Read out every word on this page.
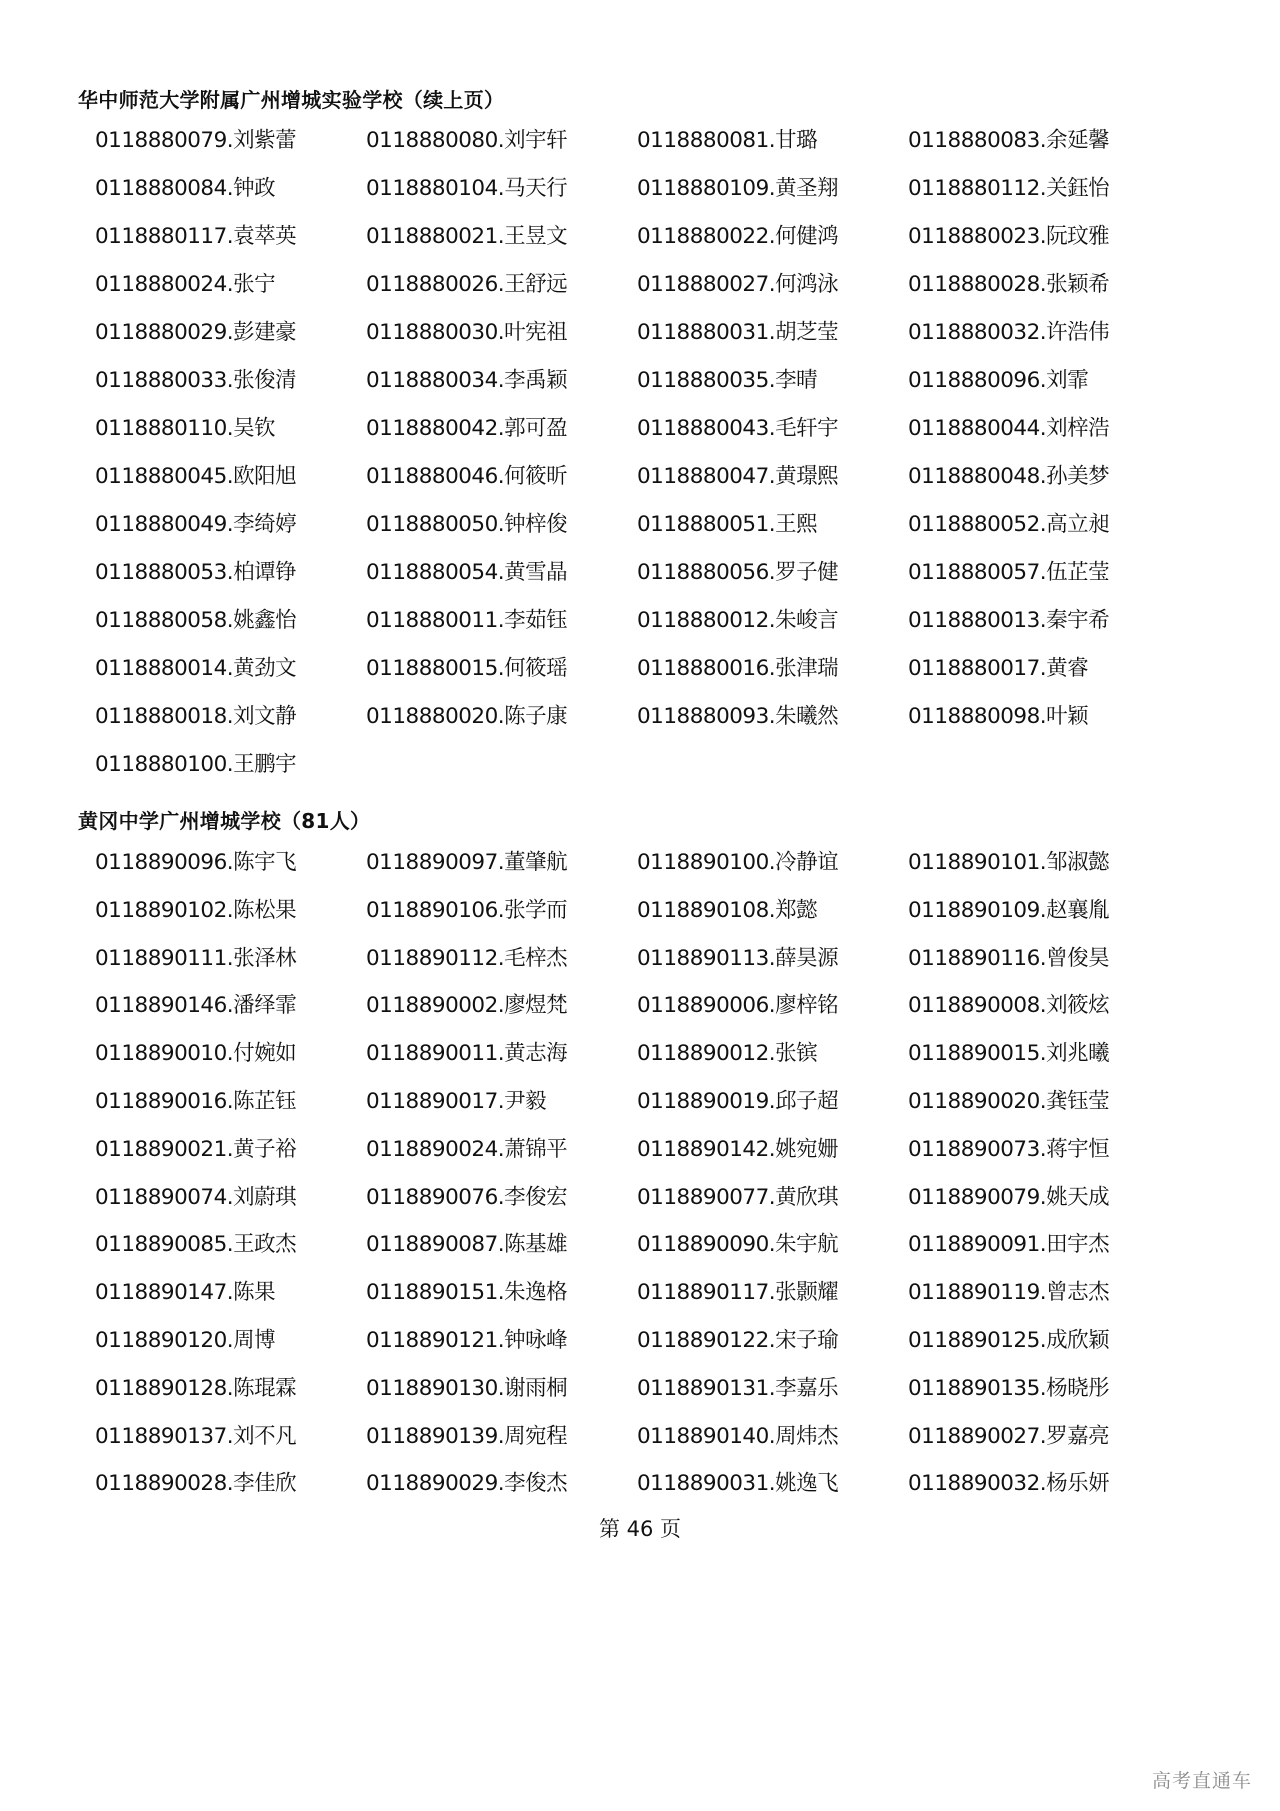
华中师范大学附属广州增城实验学校（续上页）
0118880079.刘紫蕾	0118880080.刘宇轩	0118880081.甘璐	0118880083.余延馨
0118880084.钟政	0118880104.马天行	0118880109.黄圣翔	0118880112.关鈺怡
0118880117.袁萃英	0118880021.王昱文	0118880022.何健鸿	0118880023.阮玟雅
0118880024.张宁	0118880026.王舒远	0118880027.何鸿泳	0118880028.张颖希
0118880029.彭建豪	0118880030.叶宪祖	0118880031.胡芝莹	0118880032.许浩伟
0118880033.张俊清	0118880034.李禹颖	0118880035.李晴	0118880096.刘霏
0118880110.吴钦	0118880042.郭可盈	0118880043.毛轩宇	0118880044.刘梓浩
0118880045.欧阳旭	0118880046.何筱昕	0118880047.黄璟熙	0118880048.孙美梦
0118880049.李绮婷	0118880050.钟梓俊	0118880051.王熙	0118880052.高立昶
0118880053.柏谭铮	0118880054.黄雪晶	0118880056.罗子健	0118880057.伍芷莹
0118880058.姚鑫怡	0118880011.李茹钰	0118880012.朱峻言	0118880013.秦宇希
0118880014.黄劲文	0118880015.何筱瑶	0118880016.张津瑞	0118880017.黄睿
0118880018.刘文静	0118880020.陈子康	0118880093.朱曦然	0118880098.叶颖
0118880100.王鹏宇
黄冈中学广州增城学校（81人）
0118890096.陈宇飞	0118890097.董肇航	0118890100.冷静谊	0118890101.邹淑懿
0118890102.陈松果	0118890106.张学而	0118890108.郑懿	0118890109.赵襄胤
0118890111.张泽林	0118890112.毛梓杰	0118890113.薛昊源	0118890116.曾俊昊
0118890146.潘绎霏	0118890002.廖煜梵	0118890006.廖梓铭	0118890008.刘筱炫
0118890010.付婉如	0118890011.黄志海	0118890012.张镔	0118890015.刘兆曦
0118890016.陈芷钰	0118890017.尹毅	0118890019.邱子超	0118890020.龚钰莹
0118890021.黄子裕	0118890024.萧锦平	0118890142.姚宛姗	0118890073.蒋宇恒
0118890074.刘蔚琪	0118890076.李俊宏	0118890077.黄欣琪	0118890079.姚天成
0118890085.王政杰	0118890087.陈基雄	0118890090.朱宇航	0118890091.田宇杰
0118890147.陈果	0118890151.朱逸格	0118890117.张颢耀	0118890119.曾志杰
0118890120.周博	0118890121.钟咏峰	0118890122.宋子瑜	0118890125.成欣颖
0118890128.陈琨霖	0118890130.谢雨桐	0118890131.李嘉乐	0118890135.杨晓彤
0118890137.刘不凡	0118890139.周宛程	0118890140.周炜杰	0118890027.罗嘉亮
0118890028.李佳欣	0118890029.李俊杰	0118890031.姚逸飞	0118890032.杨乐妍
第 46 页
高考直通车
